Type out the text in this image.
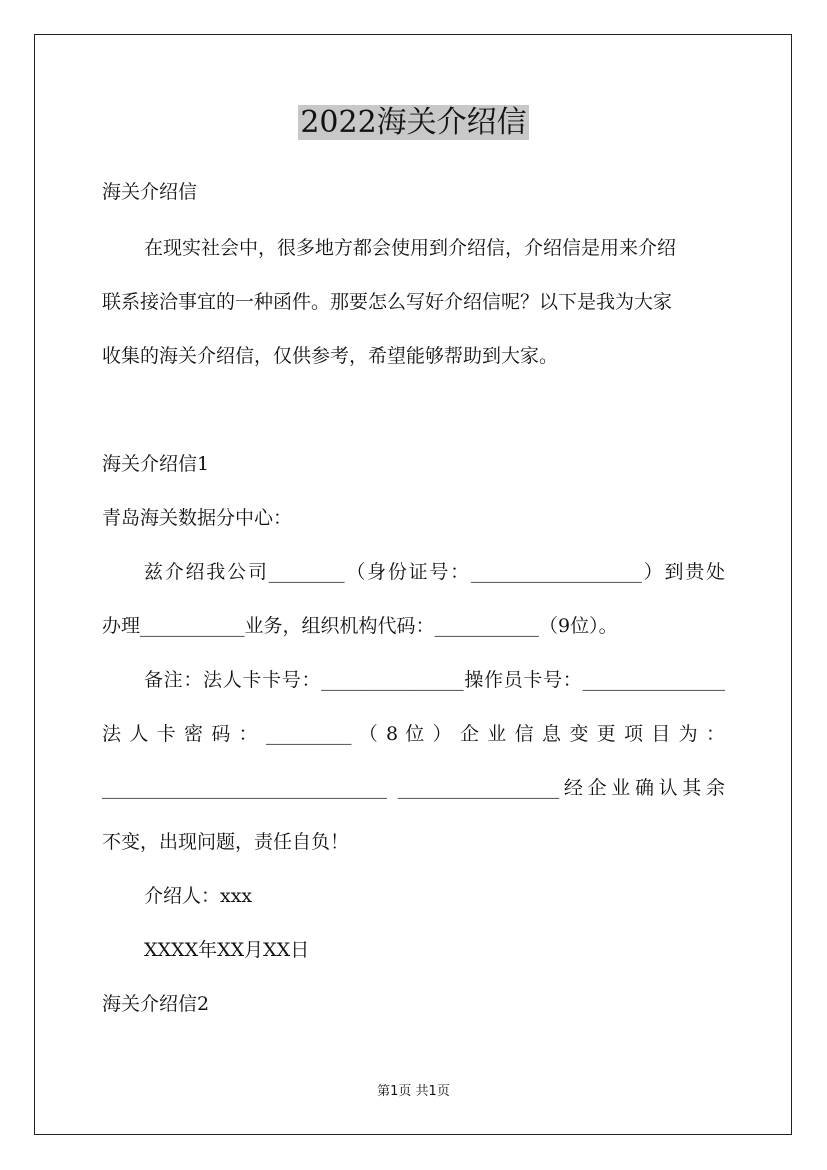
2022海关介绍信
海关介绍信
在现实社会中，很多地方都会使用到介绍信，介绍信是用来介绍
联系接洽事宜的一种函件。那要怎么写好介绍信呢？以下是我为大家
收集的海关介绍信，仅供参考，希望能够帮助到大家。
海关介绍信1
青岛海关数据分中心：
兹介绍我公司________（身份证号：__________________）到贵处
办理___________业务，组织机构代码：___________（9位）。
备注：法人卡卡号：_______________操作员卡号：_______________
法 人 卡 密 码 ： _________ （ 8 位 ） 企 业 信 息 变 更 项 目 为 ：
______________________________ _________________经企业确认其余
不变，出现问题，责任自负！
介绍人：xxx
XXXX年XX月XX日
海关介绍信2
第1页 共1页
